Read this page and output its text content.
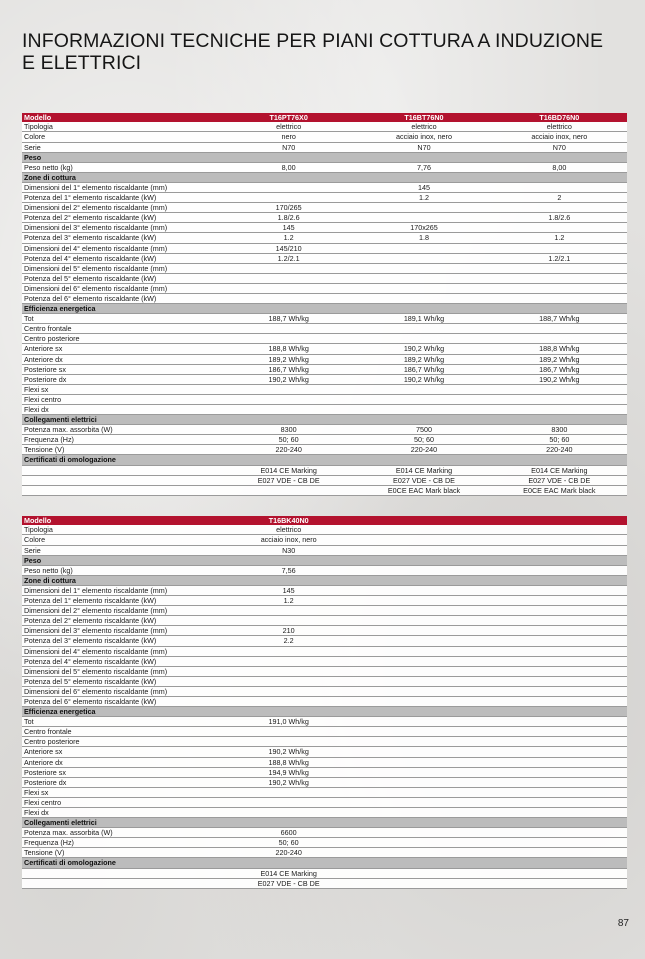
INFORMAZIONI TECNICHE PER PIANI COTTURA A INDUZIONE
E ELETTRICI
Modello	T16PT76X0	T16BT76N0	T16BD76N0
Tipologia	elettrico	elettrico	elettrico
Colore	nero	acciaio inox, nero	acciaio inox, nero
Serie	N70	N70	N70
Peso			
Peso netto (kg)	8,00	7,76	8,00
Zone di cottura			
Dimensioni del 1° elemento riscaldante (mm)		145	
Potenza del 1° elemento riscaldante (kW)		1.2	2
Dimensioni del 2° elemento riscaldante (mm)	170/265		
Potenza del 2° elemento riscaldante (kW)	1.8/2.6		1.8/2.6
Dimensioni del 3° elemento riscaldante (mm)	145	170x265	
Potenza del 3° elemento riscaldante (kW)	1.2	1.8	1.2
Dimensioni del 4° elemento riscaldante (mm)	145/210		
Potenza del 4° elemento riscaldante (kW)	1.2/2.1		1.2/2.1
Dimensioni del 5° elemento riscaldante (mm)			
Potenza del 5° elemento riscaldante (kW)			
Dimensioni del 6° elemento riscaldante (mm)			
Potenza del 6° elemento riscaldante (kW)			
Efficienza energetica			
Tot	188,7 Wh/kg	189,1 Wh/kg	188,7 Wh/kg
Centro frontale			
Centro posteriore			
Anteriore sx	188,8 Wh/kg	190,2 Wh/kg	188,8 Wh/kg
Anteriore dx	189,2 Wh/kg	189,2 Wh/kg	189,2 Wh/kg
Posteriore sx	186,7 Wh/kg	186,7 Wh/kg	186,7 Wh/kg
Posteriore dx	190,2 Wh/kg	190,2 Wh/kg	190,2 Wh/kg
Flexi sx			
Flexi centro			
Flexi dx			
Collegamenti elettrici			
Potenza max. assorbita (W)	8300	7500	8300
Frequenza (Hz)	50; 60	50; 60	50; 60
Tensione (V)	220-240	220-240	220-240
Certificati di omologazione			
	E014 CE Marking	E014 CE Marking	E014 CE Marking
	E027 VDE - CB DE	E027 VDE - CB DE	E027 VDE - CB DE
		E0CE EAC Mark black	E0CE EAC Mark black
Modello	T16BK40N0		
Tipologia	elettrico		
Colore	acciaio inox, nero		
Serie	N30		
Peso			
Peso netto (kg)	7,56		
Zone di cottura			
Dimensioni del 1° elemento riscaldante (mm)	145		
Potenza del 1° elemento riscaldante (kW)	1.2		
Dimensioni del 2° elemento riscaldante (mm)			
Potenza del 2° elemento riscaldante (kW)			
Dimensioni del 3° elemento riscaldante (mm)	210		
Potenza del 3° elemento riscaldante (kW)	2.2		
Dimensioni del 4° elemento riscaldante (mm)			
Potenza del 4° elemento riscaldante (kW)			
Dimensioni del 5° elemento riscaldante (mm)			
Potenza del 5° elemento riscaldante (kW)			
Dimensioni del 6° elemento riscaldante (mm)			
Potenza del 6° elemento riscaldante (kW)			
Efficienza energetica			
Tot	191,0 Wh/kg		
Centro frontale			
Centro posteriore			
Anteriore sx	190,2 Wh/kg		
Anteriore dx	188,8 Wh/kg		
Posteriore sx	194,9 Wh/kg		
Posteriore dx	190,2 Wh/kg		
Flexi sx			
Flexi centro			
Flexi dx			
Collegamenti elettrici			
Potenza max. assorbita (W)	6600		
Frequenza (Hz)	50; 60		
Tensione (V)	220-240		
Certificati di omologazione			
	E014 CE Marking		
	E027 VDE - CB DE		
87
